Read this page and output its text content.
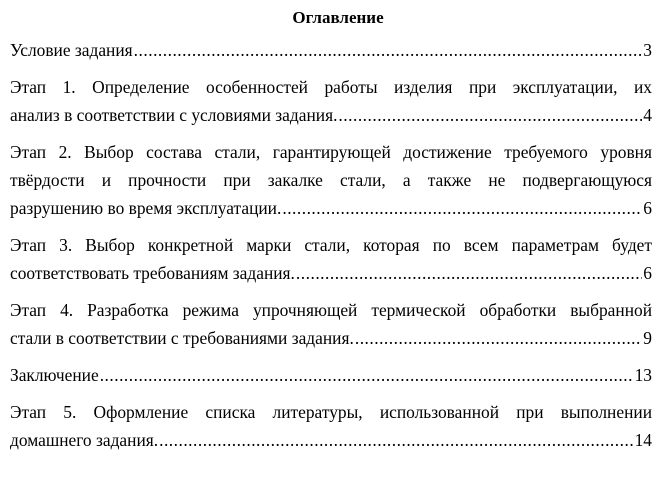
Оглавление
Условие задания .....	3
Этап 1. Определение особенностей работы изделия при эксплуатации, их
анализ в соответствии с условиями задания. .....	4
Этап 2. Выбор состава стали, гарантирующей достижение требуемого уровня
твёрдости и прочности при закалке стали, а также не подвергающуюся
разрушению во время эксплуатации. .....	6
Этап 3. Выбор конкретной марки стали, которая по всем параметрам будет
соответствовать требованиям задания. .....	6
Этап 4. Разработка режима упрочняющей термической обработки выбранной
стали в соответствии с требованиями задания. .....	9
Заключение .....	13
Этап 5. Оформление списка литературы, использованной при выполнении
домашнего задания. .....	14
